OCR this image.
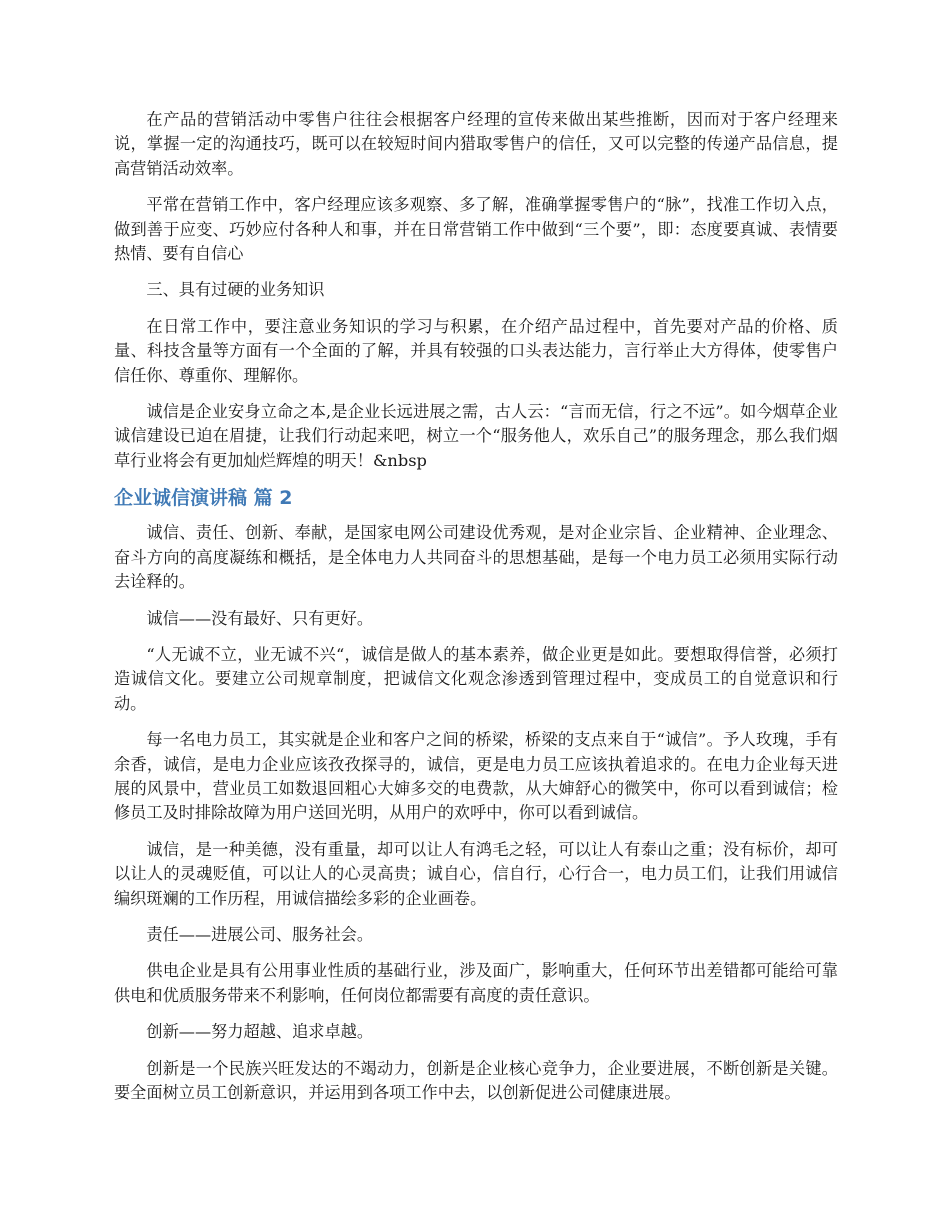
在产品的营销活动中零售户往往会根据客户经理的宣传来做出某些推断，因而对于客户经理来说，掌握一定的沟通技巧，既可以在较短时间内猎取零售户的信任，又可以完整的传递产品信息，提高营销活动效率。

平常在营销工作中，客户经理应该多观察、多了解，准确掌握零售户的“脉”，找准工作切入点，做到善于应变、巧妙应付各种人和事，并在日常营销工作中做到“三个要”，即：态度要真诚、表情要热情、要有自信心

三、具有过硬的业务知识

在日常工作中，要注意业务知识的学习与积累，在介绍产品过程中，首先要对产品的价格、质量、科技含量等方面有一个全面的了解，并具有较强的口头表达能力，言行举止大方得体，使零售户信任你、尊重你、理解你。

诚信是企业安身立命之本,是企业长远进展之需，古人云：“言而无信，行之不远”。如今烟草企业诚信建设已迫在眉捷，让我们行动起来吧，树立一个“服务他人，欢乐自己”的服务理念，那么我们烟草行业将会有更加灿烂辉煌的明天！&nbsp

企业诚信演讲稿 篇 2

诚信、责任、创新、奉献，是国家电网公司建设优秀观，是对企业宗旨、企业精神、企业理念、奋斗方向的高度凝练和概括，是全体电力人共同奋斗的思想基础，是每一个电力员工必须用实际行动去诠释的。

诚信——没有最好、只有更好。

“人无诚不立，业无诚不兴“，诚信是做人的基本素养，做企业更是如此。要想取得信誉，必须打造诚信文化。要建立公司规章制度，把诚信文化观念渗透到管理过程中，变成员工的自觉意识和行动。

每一名电力员工，其实就是企业和客户之间的桥梁，桥梁的支点来自于“诚信”。予人玫瑰，手有余香，诚信，是电力企业应该孜孜探寻的，诚信，更是电力员工应该执着追求的。在电力企业每天进展的风景中，营业员工如数退回粗心大婶多交的电费款，从大婶舒心的微笑中，你可以看到诚信；检修员工及时排除故障为用户送回光明，从用户的欢呼中，你可以看到诚信。

诚信，是一种美德，没有重量，却可以让人有鸿毛之轻，可以让人有泰山之重；没有标价，却可以让人的灵魂贬值，可以让人的心灵高贵；诚自心，信自行，心行合一，电力员工们，让我们用诚信编织斑斓的工作历程，用诚信描绘多彩的企业画卷。

责任——进展公司、服务社会。

供电企业是具有公用事业性质的基础行业，涉及面广，影响重大，任何环节出差错都可能给可靠供电和优质服务带来不利影响，任何岗位都需要有高度的责任意识。

创新——努力超越、追求卓越。

创新是一个民族兴旺发达的不竭动力，创新是企业核心竞争力，企业要进展，不断创新是关键。要全面树立员工创新意识，并运用到各项工作中去，以创新促进公司健康进展。
